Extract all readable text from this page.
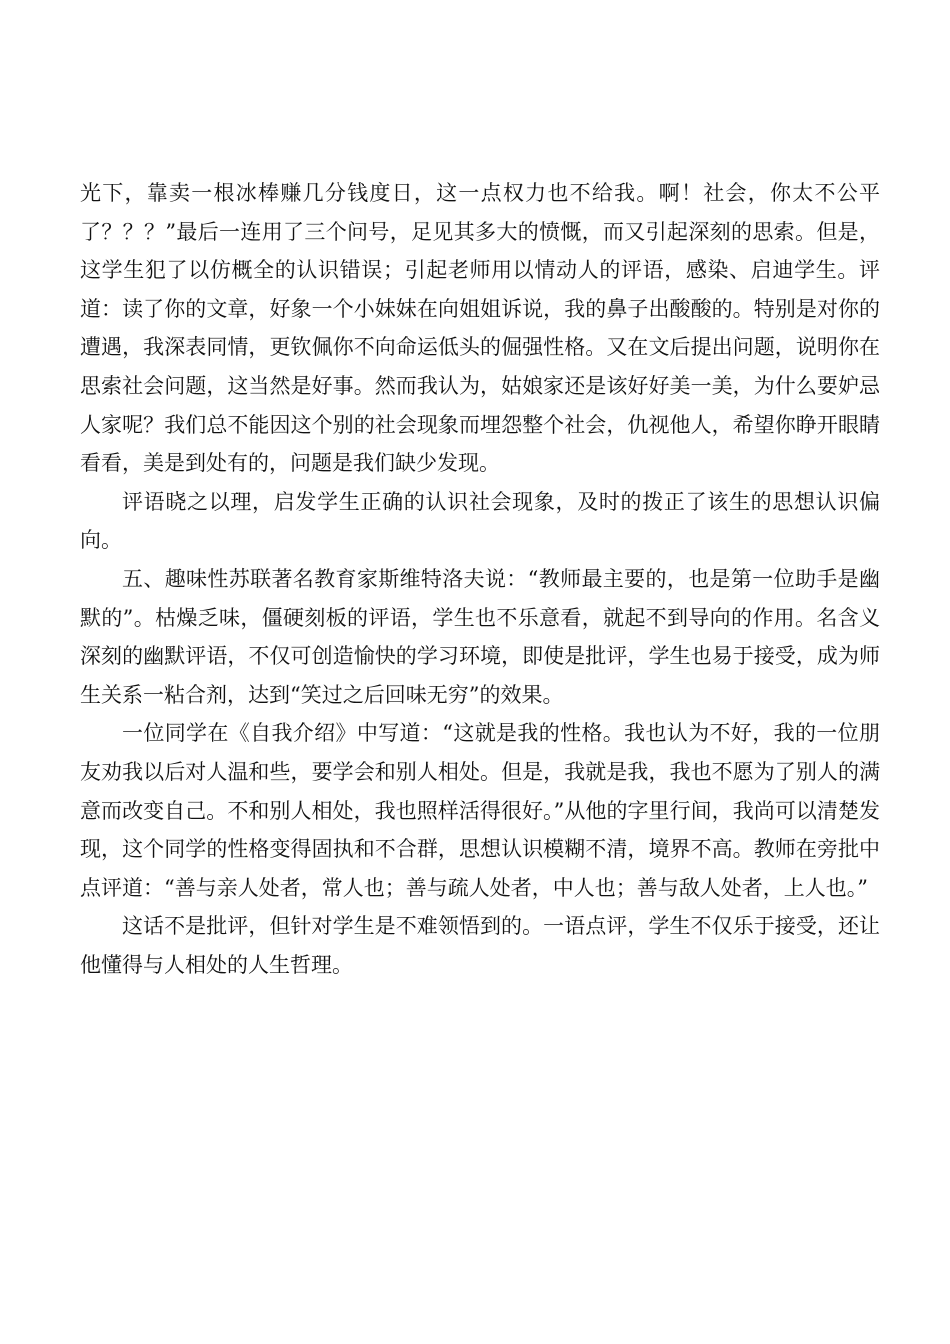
光下，靠卖一根冰棒赚几分钱度日，这一点权力也不给我。啊！社会，你太不公平了？？？”最后一连用了三个问号，足见其多大的愤慨，而又引起深刻的思索。但是，这学生犯了以仿概全的认识错误；引起老师用以情动人的评语，感染、启迪学生。评道：读了你的文章，好象一个小妹妹在向姐姐诉说，我的鼻子出酸酸的。特别是对你的遭遇，我深表同情，更钦佩你不向命运低头的倔强性格。又在文后提出问题，说明你在思索社会问题，这当然是好事。然而我认为，姑娘家还是该好好美一美，为什么要妒忌人家呢？我们总不能因这个别的社会现象而埋怨整个社会，仇视他人，希望你睁开眼睛看看，美是到处有的，问题是我们缺少发现。

评语晓之以理，启发学生正确的认识社会现象，及时的拨正了该生的思想认识偏向。

五、趣味性苏联著名教育家斯维特洛夫说：“教师最主要的，也是第一位助手是幽默的”。枯燥乏味，僵硬刻板的评语，学生也不乐意看，就起不到导向的作用。名含义深刻的幽默评语，不仅可创造愉快的学习环境，即使是批评，学生也易于接受，成为师生关系一粘合剂，达到“笑过之后回味无穷”的效果。

一位同学在《自我介绍》中写道：“这就是我的性格。我也认为不好，我的一位朋友劝我以后对人温和些，要学会和别人相处。但是，我就是我，我也不愿为了别人的满意而改变自己。不和别人相处，我也照样活得很好。”从他的字里行间，我尚可以清楚发现，这个同学的性格变得固执和不合群，思想认识模糊不清，境界不高。教师在旁批中点评道：“善与亲人处者，常人也；善与疏人处者，中人也；善与敌人处者，上人也。”

这话不是批评，但针对学生是不难领悟到的。一语点评，学生不仅乐于接受，还让他懂得与人相处的人生哲理。
